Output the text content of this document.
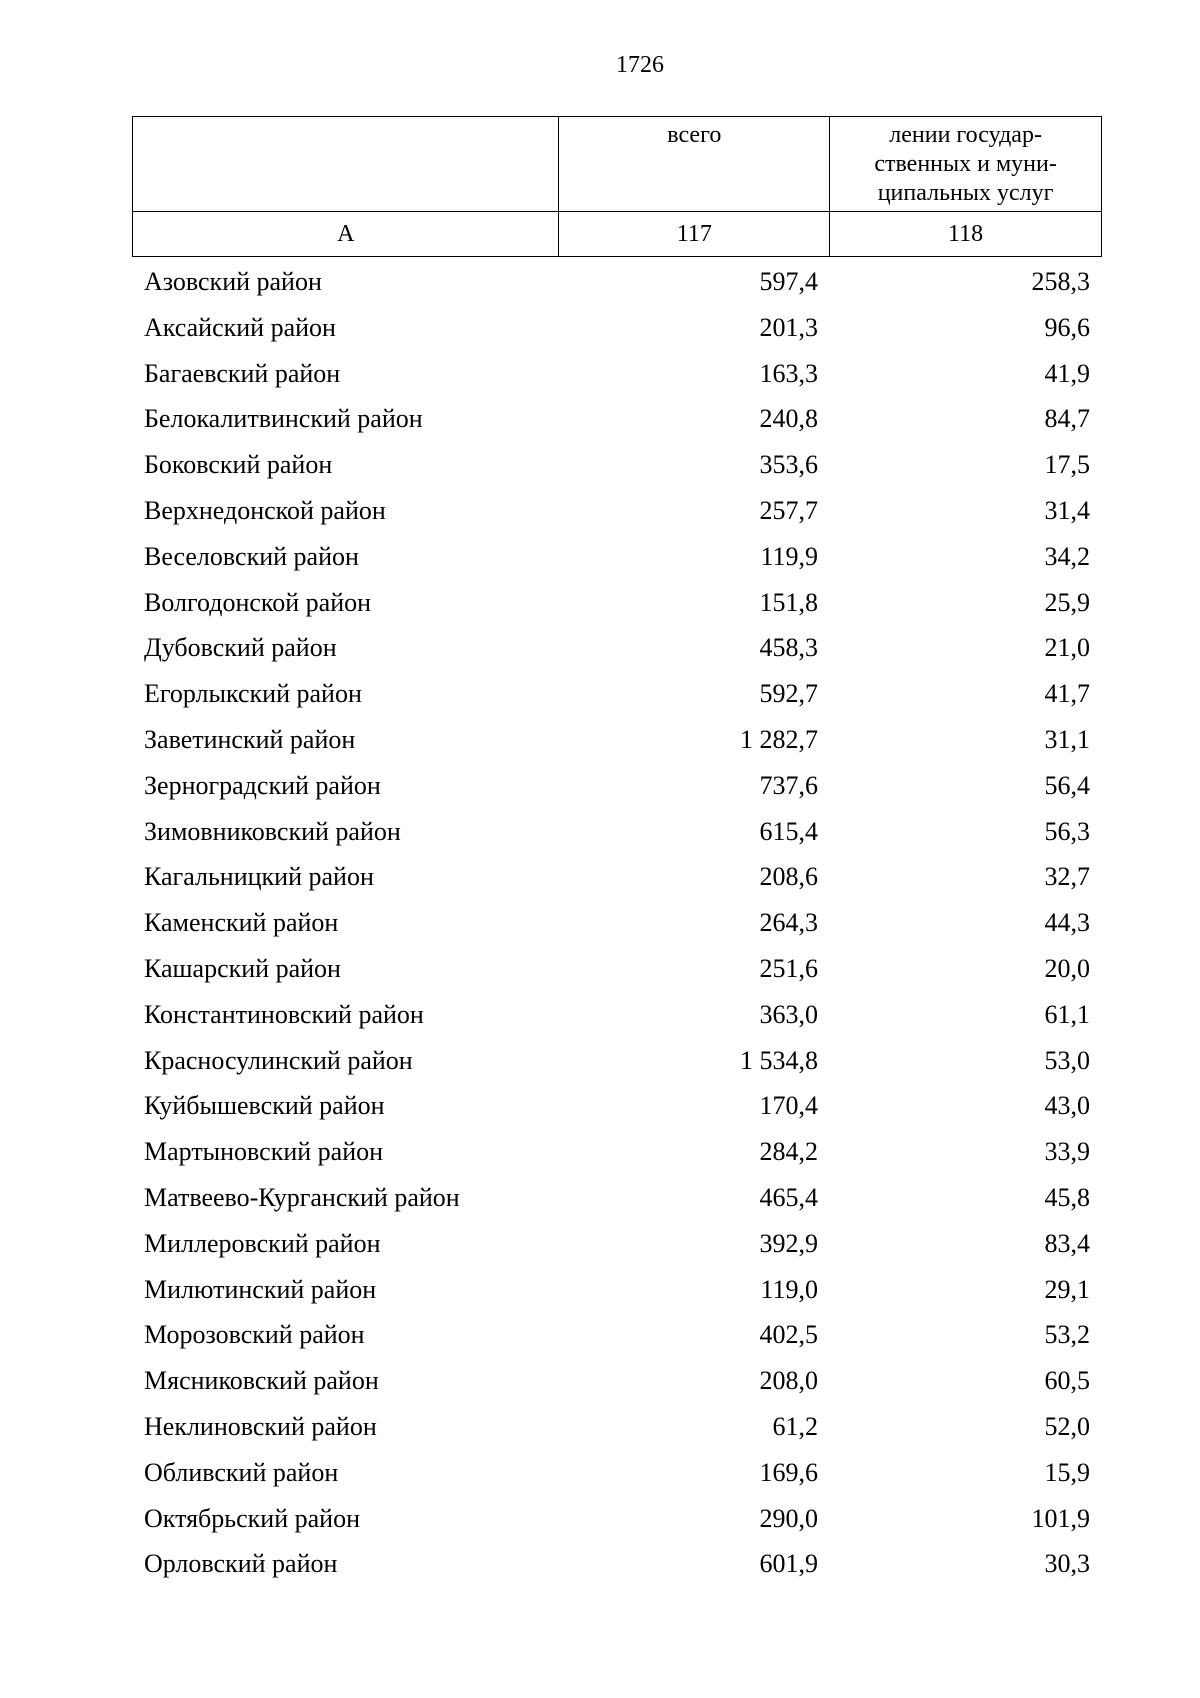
1726

	всего	лении государ-
ственных и муни-
ципальных услуг

А	117	118
Азовский район	597,4	258,3
Аксайский район	201,3	96,6
Багаевский район	163,3	41,9
Белокалитвинский район	240,8	84,7
Боковский район	353,6	17,5
Верхнедонской район	257,7	31,4
Веселовский район	119,9	34,2
Волгодонской район	151,8	25,9
Дубовский район	458,3	21,0
Егорлыкский район	592,7	41,7
Заветинский район	1 282,7	31,1
Зерноградский район	737,6	56,4
Зимовниковский район	615,4	56,3
Кагальницкий район	208,6	32,7
Каменский район	264,3	44,3
Кашарский район	251,6	20,0
Константиновский район	363,0	61,1
Красносулинский район	1 534,8	53,0
Куйбышевский район	170,4	43,0
Мартыновский район	284,2	33,9
Матвеево-Курганский район	465,4	45,8
Миллеровский район	392,9	83,4
Милютинский район	119,0	29,1
Морозовский район	402,5	53,2
Мясниковский район	208,0	60,5
Неклиновский район	61,2	52,0
Обливский район	169,6	15,9
Октябрьский район	290,0	101,9
Орловский район	601,9	30,3
